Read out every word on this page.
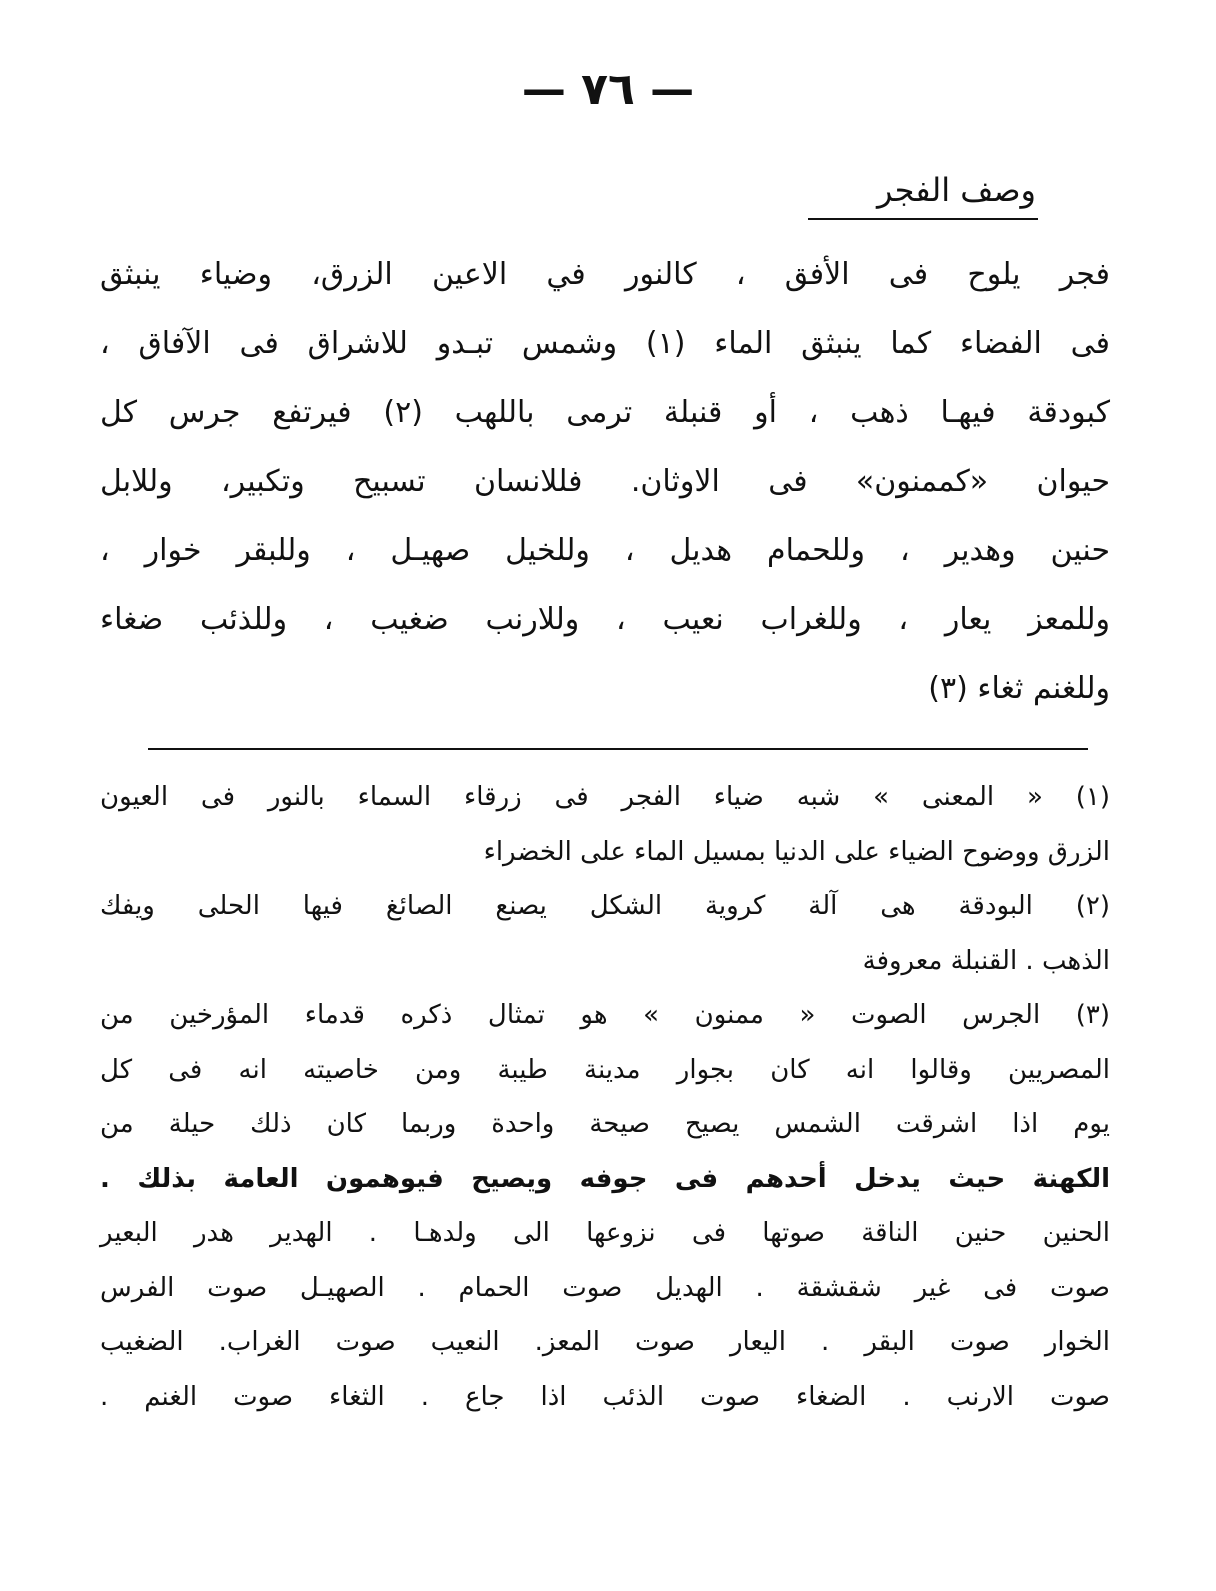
— ٧٦ —
وصف الفجر
فجر يلوح فى الأفق ، كالنور في الاعين الزرق، وضياء ينبثق
فى الفضاء كما ينبثق الماء (١) وشمس تبـدو للاشراق فى الآفاق ،
كبودقة فيهـا ذهب ، أو قنبلة ترمى باللهب (٢) فيرتفع جرس كل
حيوان «كممنون» فى الاوثان. فللانسان تسبيح وتكبير، وللابل
حنين وهدير ، وللحمام هديل ، وللخيل صهيـل ، وللبقر خوار ،
وللمعز يعار ، وللغراب نعيب ، وللارنب ضغيب ، وللذئب ضغاء
وللغنم ثغاء (٣)
(١) « المعنى » شبه ضياء الفجر فى زرقاء السماء بالنور فى العيون
الزرق ووضوح الضياء على الدنيا بمسيل الماء على الخضراء
(٢) البودقة هى آلة كروية الشكل يصنع الصائغ فيها الحلى ويفك
الذهب . القنبلة معروفة
(٣) الجرس الصوت « ممنون » هو تمثال ذكره قدماء المؤرخين من
المصريين وقالوا انه كان بجوار مدينة طيبة ومن خاصيته انه فى كل
يوم اذا اشرقت الشمس يصيح صيحة واحدة وربما كان ذلك حيلة من
الكهنة حيث يدخل أحدهم فى جوفه ويصيح فيوهمون العامة بذلك .
الحنين حنين الناقة صوتها فى نزوعها الى ولدهـا . الهدير هدر البعير
صوت فى غير شقشقة . الهديل صوت الحمام . الصهيـل صوت الفرس
الخوار صوت البقر . اليعار صوت المعز. النعيب صوت الغراب. الضغيب
صوت الارنب . الضغاء صوت الذئب اذا جاع . الثغاء صوت الغنم .
